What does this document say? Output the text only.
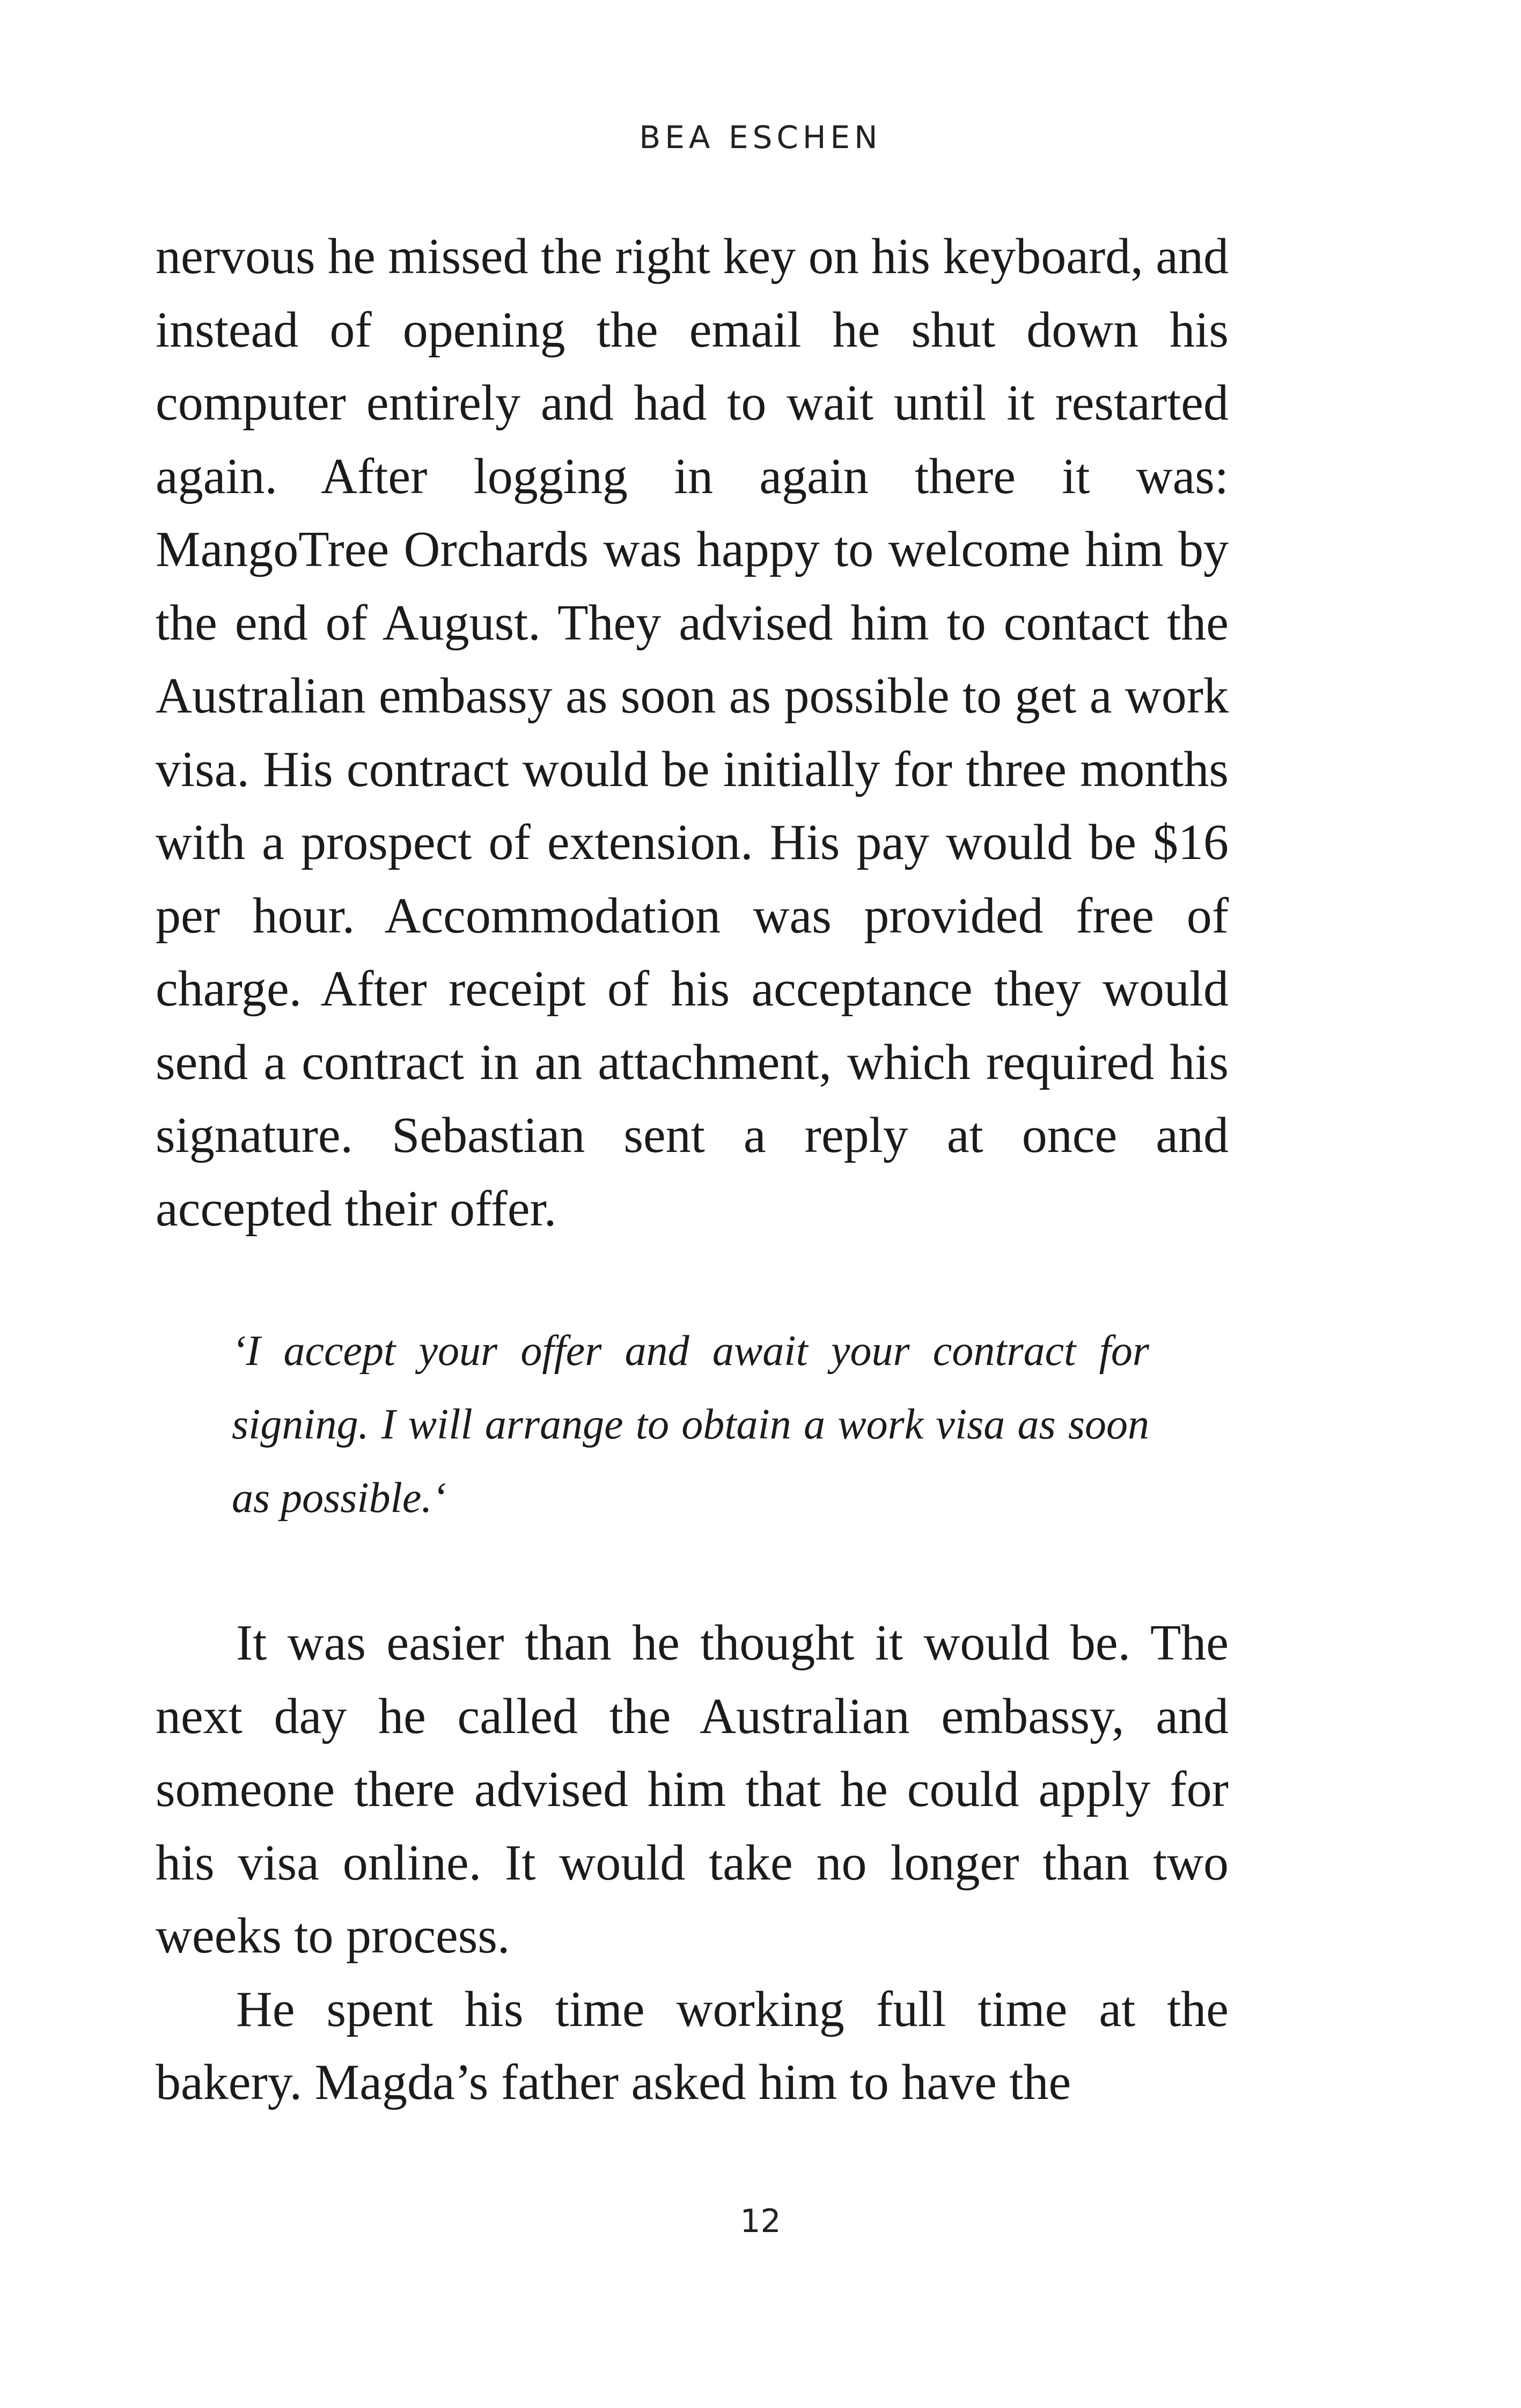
BEA ESCHEN

nervous he missed the right key on his keyboard, and instead of opening the email he shut down his computer entirely and had to wait until it restarted again. After logging in again there it was: MangoTree Orchards was happy to welcome him by the end of August. They advised him to contact the Australian embassy as soon as possible to get a work visa. His contract would be initially for three months with a prospect of extension. His pay would be $16 per hour. Accommodation was provided free of charge. After receipt of his acceptance they would send a contract in an attachment, which required his signature. Sebastian sent a reply at once and accepted their offer.

‘I accept your offer and await your contract for signing. I will arrange to obtain a work visa as soon as possible.‘

It was easier than he thought it would be. The next day he called the Australian embassy, and someone there advised him that he could apply for his visa online. It would take no longer than two weeks to process.

He spent his time working full time at the bakery. Magda’s father asked him to have the

12
